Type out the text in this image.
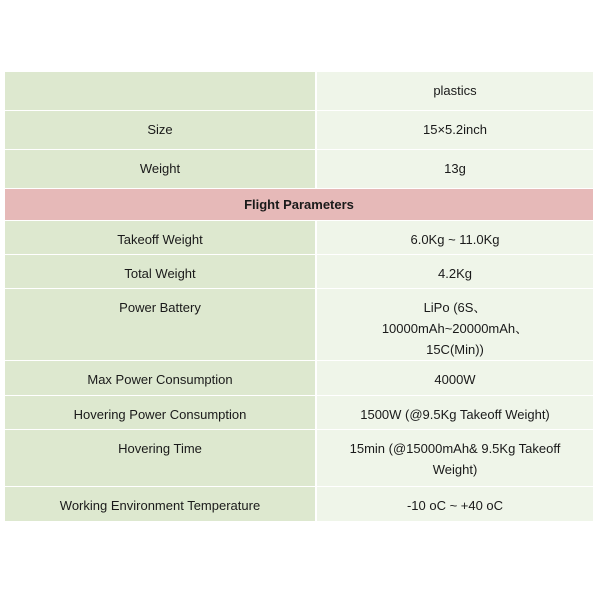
	plastics
Size	15×5.2inch
Weight	13g
Flight Parameters	
Takeoff Weight	6.0Kg ~ 11.0Kg
Total Weight	4.2Kg
Power Battery	LiPo (6S、 10000mAh~20000mAh、 15C(Min))
Max Power Consumption	4000W
Hovering Power Consumption	1500W (@9.5Kg Takeoff Weight)
Hovering Time	15min (@15000mAh& 9.5Kg Takeoff Weight)
Working Environment Temperature	-10 oC ~ +40 oC
